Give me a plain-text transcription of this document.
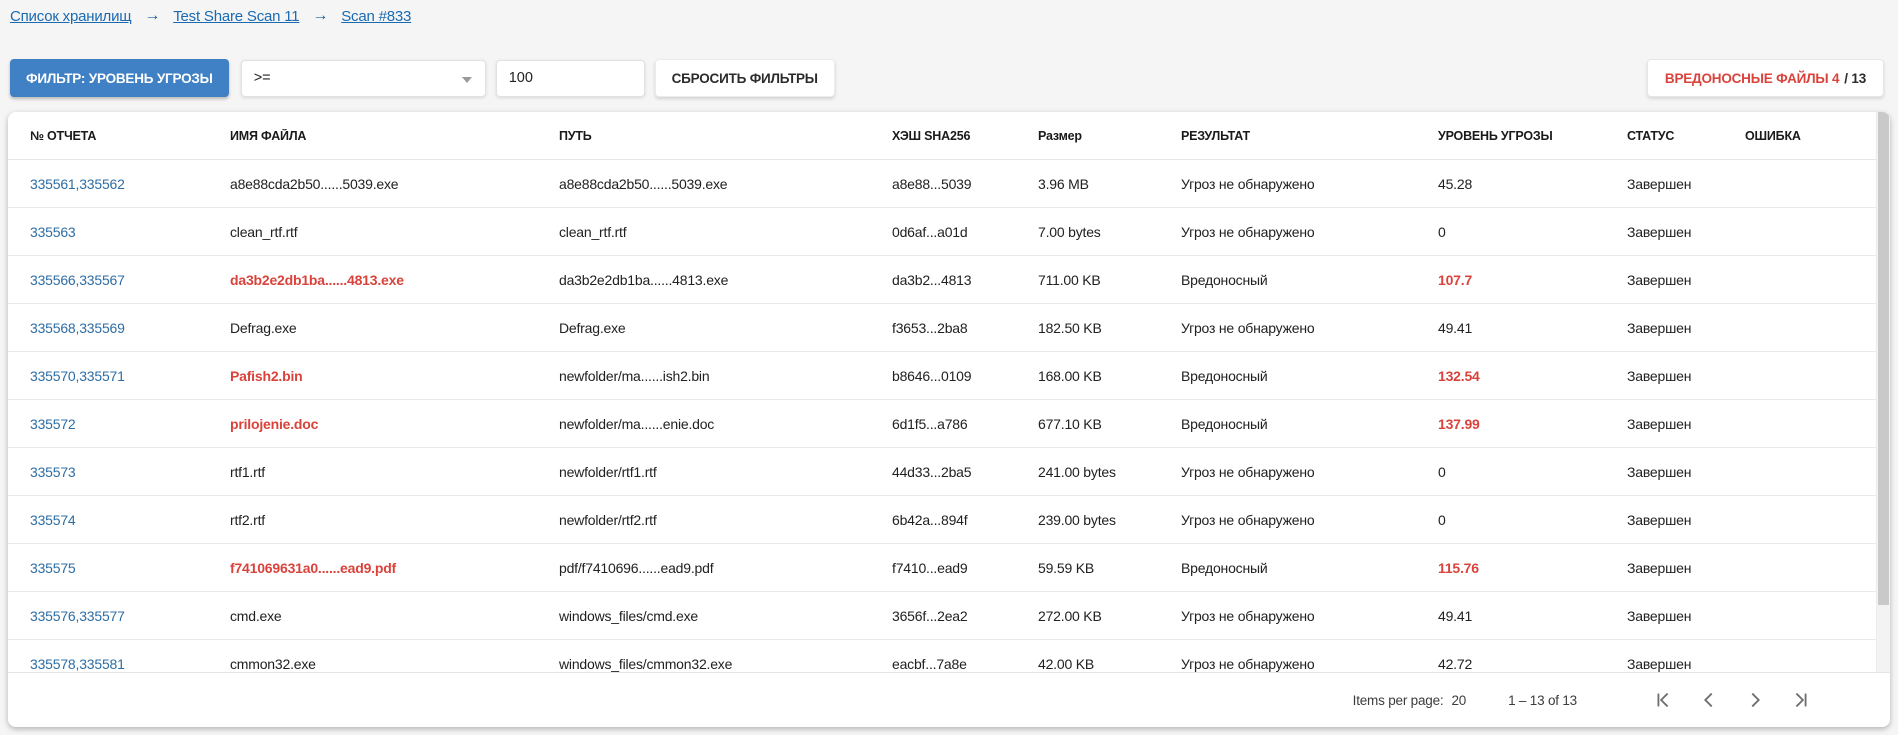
Список хранилищ → Test Share Scan 11 → Scan #833
ФИЛЬТР: УРОВЕНЬ УГРОЗЫ	>=
100	СБРОСИТЬ ФИЛЬТРЫ	ВРЕДОНОСНЫЕ ФАЙЛЫ 4 / 13
№ ОТЧЕТА	ИМЯ ФАЙЛА	ПУТЬ	ХЭШ SHA256	Размер	РЕЗУЛЬТАТ	УРОВЕНЬ УГРОЗЫ	СТАТУС	ОШИБКА
335561,335562	a8e88cda2b50......5039.exe	a8e88cda2b50......5039.exe	a8e88...5039	3.96 MB	Угроз не обнаружено	45.28	Завершен
335563	clean_rtf.rtf	clean_rtf.rtf	0d6af...a01d	7.00 bytes	Угроз не обнаружено	0	Завершен
335566,335567	da3b2e2db1ba......4813.exe	da3b2e2db1ba......4813.exe	da3b2...4813	711.00 KB	Вредоносный	107.7	Завершен
335568,335569	Defrag.exe	Defrag.exe	f3653...2ba8	182.50 KB	Угроз не обнаружено	49.41	Завершен
335570,335571	Pafish2.bin	newfolder/ma......ish2.bin	b8646...0109	168.00 KB	Вредоносный	132.54	Завершен
335572	prilojenie.doc	newfolder/ma......enie.doc	6d1f5...a786	677.10 KB	Вредоносный	137.99	Завершен
335573	rtf1.rtf	newfolder/rtf1.rtf	44d33...2ba5	241.00 bytes	Угроз не обнаружено	0	Завершен
335574	rtf2.rtf	newfolder/rtf2.rtf	6b42a...894f	239.00 bytes	Угроз не обнаружено	0	Завершен
335575	f741069631a0......ead9.pdf	pdf/f7410696......ead9.pdf	f7410...ead9	59.59 KB	Вредоносный	115.76	Завершен
335576,335577	cmd.exe	windows_files/cmd.exe	3656f...2ea2	272.00 KB	Угроз не обнаружено	49.41	Завершен
335578,335581	cmmon32.exe	windows_files/cmmon32.exe	eacbf...7a8e	42.00 KB	Угроз не обнаружено	42.72	Завершен
Items per page: 20	1 – 13 of 13
